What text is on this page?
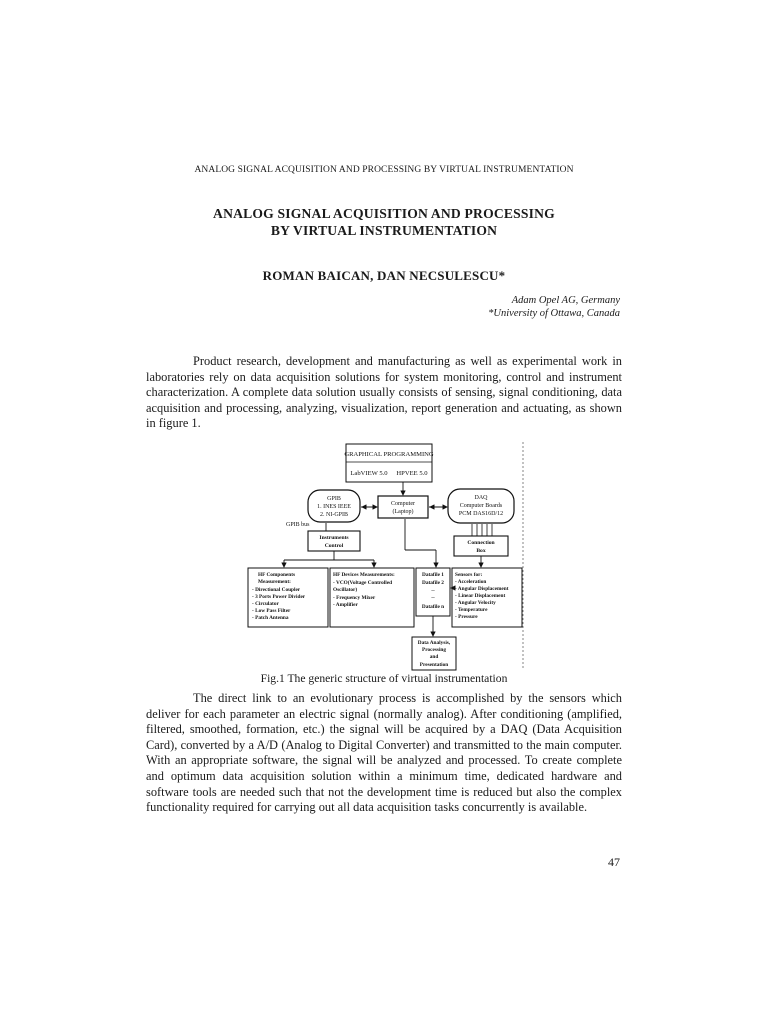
ANALOG SIGNAL ACQUISITION AND PROCESSING BY VIRTUAL INSTRUMENTATION
ANALOG SIGNAL ACQUISITION AND PROCESSING
BY VIRTUAL INSTRUMENTATION
ROMAN BAICAN, DAN NECSULESCU*
Adam Opel AG, Germany
*University of Ottawa, Canada

Product research, development and manufacturing as well as experimental work in laboratories rely on data acquisition solutions for system monitoring, control and instrument characterization. A complete data solution usually consists of sensing, signal conditioning, data acquisition and processing, analyzing, visualization, report generation and actuating, as shown in figure 1.

GRAPHICAL PROGRAMMING
LabVIEW 5.0 HPVEE 5.0
GPIB
1. INES IEEE
2. NI-GPIB
Computer
(Laptop)
DAQ
Computer Boards
PCM DAS16D/12
GPIB bus
Instruments
Control	Connection
Box
HF Components
Measurement:
- Directional Coupler
- 3 Ports Power Divider
- Circulator
- Low Pass Filter
- Patch Antenna
HF Devices Measurements:
- VCO(Voltage Controlled
Oscillator)
- Frequency Mixer
- Amplifier
Datafile 1
Datafile 2
--
--
Datafile n
Sensors for:
- Acceleration
- Angular Displacement
- Linear Displacement
- Angular Velocity
- Temperature
- Pressure
Data Analysis,
Processing
and
Presentation
Fig.1 The generic structure of virtual instrumentation

The direct link to an evolutionary process is accomplished by the sensors which deliver for each parameter an electric signal (normally analog). After conditioning (amplified, filtered, smoothed, formation, etc.) the signal will be acquired by a DAQ (Data Acquisition Card), converted by a A/D (Analog to Digital Converter) and transmitted to the main computer. With an appropriate software, the signal will be analyzed and processed. To create complete and optimum data acquisition solution within a minimum time, dedicated hardware and software tools are needed such that not the development time is reduced but also the complex functionality required for carrying out all data acquisition tasks concurrently is available.

47
